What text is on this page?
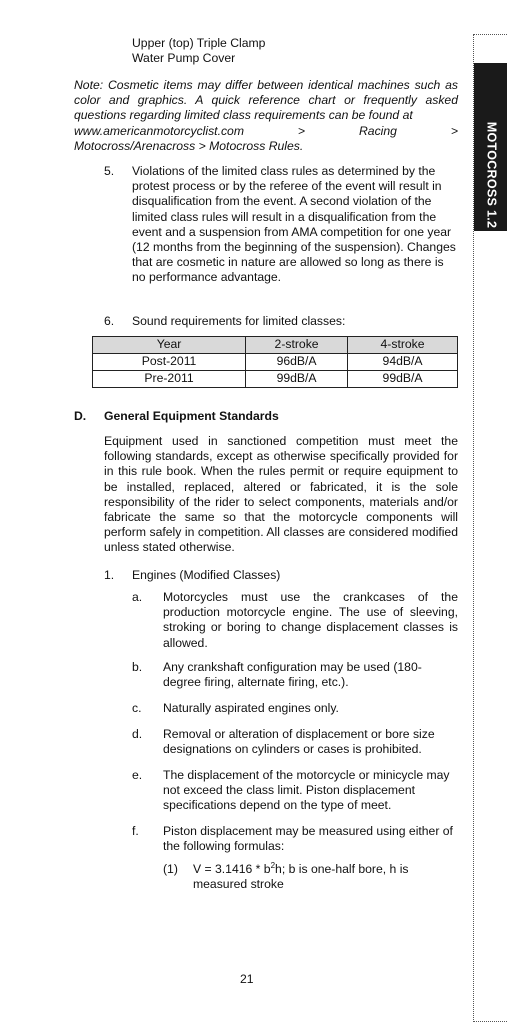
MOTOCROSS 1.2
Upper (top) Triple Clamp
Water Pump Cover
Note: Cosmetic items may differ between identical machines such as color and graphics. A quick reference chart or frequently asked questions regarding limited class requirements can be found at
www.americanmotorcyclist.com	>	Racing	>
Motocross/Arenacross > Motocross Rules.
5. Violations of the limited class rules as determined by the protest process or by the referee of the event will result in disqualification from the event. A second violation of the limited class rules will result in a disqualification from the event and a suspension from AMA competition for one year (12 months from the beginning of the suspension). Changes that are cosmetic in nature are allowed so long as there is no performance advantage.
6. Sound requirements for limited classes:
Year	2-stroke	4-stroke
Post-2011	96dB/A	94dB/A
Pre-2011	99dB/A	99dB/A
D. General Equipment Standards
Equipment used in sanctioned competition must meet the following standards, except as otherwise specifically provided for in this rule book. When the rules permit or require equipment to be installed, replaced, altered or fabricated, it is the sole responsibility of the rider to select components, materials and/or fabricate the same so that the motorcycle components will perform safely in competition. All classes are considered modified unless stated otherwise.
1. Engines (Modified Classes)
a. Motorcycles must use the crankcases of the production motorcycle engine. The use of sleeving, stroking or boring to change displacement classes is allowed.
b. Any crankshaft configuration may be used (180-degree firing, alternate firing, etc.).
c. Naturally aspirated engines only.
d. Removal or alteration of displacement or bore size designations on cylinders or cases is prohibited.
e. The displacement of the motorcycle or minicycle may not exceed the class limit. Piston displacement specifications depend on the type of meet.
f. Piston displacement may be measured using either of the following formulas:
(1) $V = 3.1416 * b^2h$; b is one-half bore, h is measured stroke
21
